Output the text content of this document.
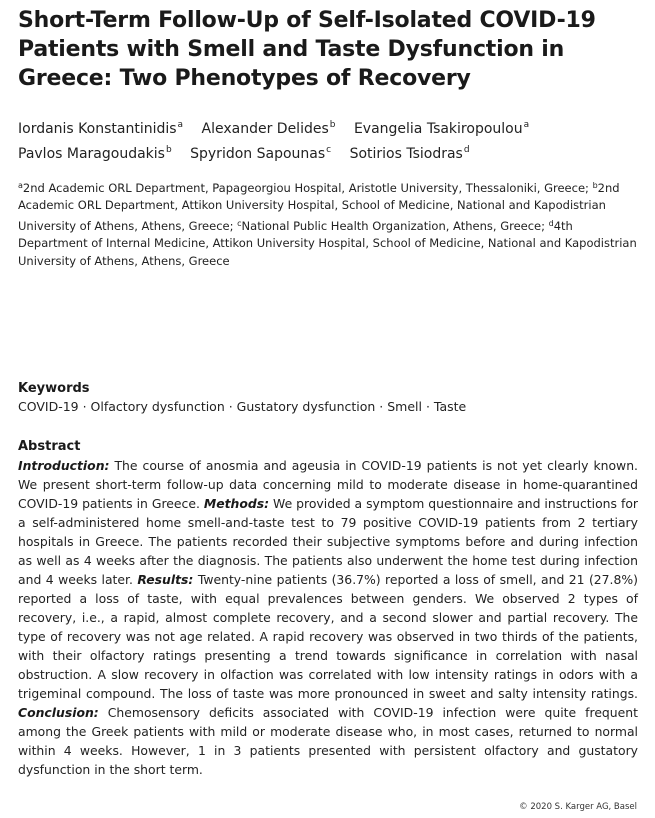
Short-Term Follow-Up of Self-Isolated COVID-19 Patients with Smell and Taste Dysfunction in Greece: Two Phenotypes of Recovery
Iordanis Konstantinidis$^a$ Alexander Delides$^b$ Evangelia Tsakiropoulou$^a$
Pavlos Maragoudakis$^b$ Spyridon Sapounas$^c$ Sotirios Tsiodras$^d$
$^a$2nd Academic ORL Department, Papageorgiou Hospital, Aristotle University, Thessaloniki, Greece; $^b$2nd Academic ORL Department, Attikon University Hospital, School of Medicine, National and Kapodistrian University of Athens, Athens, Greece; $^c$National Public Health Organization, Athens, Greece; $^d$4th Department of Internal Medicine, Attikon University Hospital, School of Medicine, National and Kapodistrian University of Athens, Athens, Greece
Keywords
COVID-19 · Olfactory dysfunction · Gustatory dysfunction · Smell · Taste
Abstract

Introduction: The course of anosmia and ageusia in COVID-19 patients is not yet clearly known. We present short-term follow-up data concerning mild to moderate disease in home-quarantined COVID-19 patients in Greece. Methods: We provided a symptom questionnaire and instructions for a self-administered home smell-and-taste test to 79 positive COVID-19 patients from 2 tertiary hospitals in Greece. The patients recorded their subjective symptoms before and during infection as well as 4 weeks after the diagnosis. The patients also underwent the home test during infection and 4 weeks later. Results: Twenty-nine patients (36.7%) reported a loss of smell, and 21 (27.8%) reported a loss of taste, with equal prevalences between genders. We observed 2 types of recovery, i.e., a rapid, almost complete recovery, and a second slower and partial recovery. The type of recovery was not age related. A rapid recovery was observed in two thirds of the patients, with their olfactory ratings presenting a trend towards significance in correlation with nasal obstruction. A slow recovery in olfaction was correlated with low intensity ratings in odors with a trigeminal compound. The loss of taste was more pronounced in sweet and salty intensity ratings. Conclusion: Chemosensory deficits associated with COVID-19 infection were quite frequent among the Greek patients with mild or moderate disease who, in most cases, returned to normal within 4 weeks. However, 1 in 3 patients presented with persistent olfactory and gustatory dysfunction in the short term.

© 2020 S. Karger AG, Basel
